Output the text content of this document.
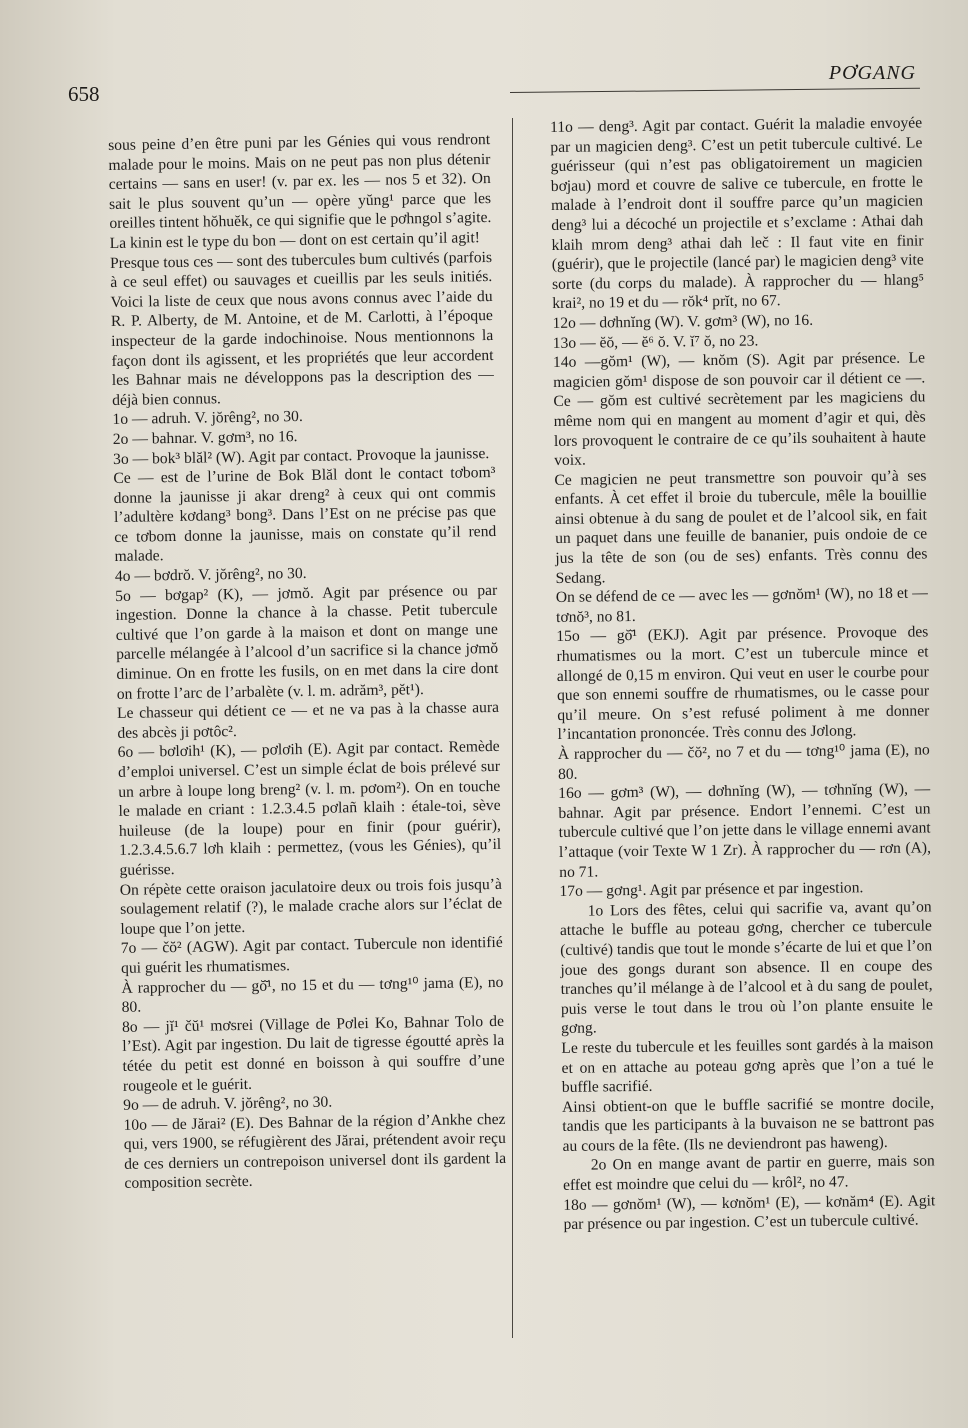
658
PƠGANG

sous peine d’en être puni par les Génies qui vous rendront malade pour le moins. Mais on ne peut pas non plus détenir certains — sans en user! (v. par ex. les — nos 5 et 32). On sait le plus souvent qu’un — opère yŭng¹ parce que les oreilles tintent hŏhuĕk, ce qui signifie que le pơhngol s’agite. La kinin est le type du bon — dont on est certain qu’il agit!

Presque tous ces — sont des tubercules bum cultivés (parfois à ce seul effet) ou sauvages et cueillis par les seuls initiés. Voici la liste de ceux que nous avons connus avec l’aide du R. P. Alberty, de M. Antoine, et de M. Carlotti, à l’époque inspecteur de la garde indochinoise. Nous mentionnons la façon dont ils agissent, et les propriétés que leur accordent les Bahnar mais ne développons pas la description des — déjà bien connus.

1o — adruh. V. jŏrêng², no 30.

2o — bahnar. V. gơm³, no 16.

3o — bok³ blăl² (W). Agit par contact. Provoque la jaunisse.

Ce — est de l’urine de Bok Blăl dont le contact tơbom³ donne la jaunisse ji akar dreng² à ceux qui ont commis l’adultère kơdang³ bong³. Dans l’Est on ne précise pas que ce tơbom donne la jaunisse, mais on constate qu’il rend malade.

4o — bơdrŏ. V. jŏrêng², no 30.

5o — bơgap² (K), — jơmŏ. Agit par présence ou par ingestion. Donne la chance à la chasse. Petit tubercule cultivé que l’on garde à la maison et dont on mange une parcelle mélangée à l’alcool d’un sacrifice si la chance jơmŏ diminue. On en frotte les fusils, on en met dans la cire dont on frotte l’arc de l’arbalète (v. l. m. adrăm³, pĕt¹).

Le chasseur qui détient ce — et ne va pas à la chasse aura des abcès ji pơtôc².

6o — bơlơih¹ (K), — pơlơih (E). Agit par contact. Remède d’emploi universel. C’est un simple éclat de bois prélevé sur un arbre à loupe long breng² (v. l. m. pơom²). On en touche le malade en criant : 1.2.3.4.5 pơlañ klaih : étale-toi, sève huileuse (de la loupe) pour en finir (pour guérir), 1.2.3.4.5.6.7 lơh klaih : permettez, (vous les Génies), qu’il guérisse.

On répète cette oraison jaculatoire deux ou trois fois jusqu’à soulagement relatif (?), le malade crache alors sur l’éclat de loupe que l’on jette.

7o — čŏ² (AGW). Agit par contact. Tubercule non identifié qui guérit les rhumatismes.

À rapprocher du — gŏ̆¹, no 15 et du — tơng¹⁰ jama (E), no 80.

8o — jĭ¹ čŭ¹ mơsrei (Village de Pơlei Ko, Bahnar Tolo de l’Est). Agit par ingestion. Du lait de tigresse égoutté après la tétée du petit est donné en boisson à qui souffre d’une rougeole et le guérit.

9o — de adruh. V. jŏrêng², no 30.

10o — de Jărai² (E). Des Bahnar de la région d’Ankhe chez qui, vers 1900, se réfugièrent des Jărai, prétendent avoir reçu de ces derniers un contrepoison universel dont ils gardent la composition secrète.

11o — deng³. Agit par contact. Guérit la maladie envoyée par un magicien deng³. C’est un petit tubercule cultivé. Le guérisseur (qui n’est pas obligatoirement un magicien bơjau) mord et couvre de salive ce tubercule, en frotte le malade à l’endroit dont il souffre parce qu’un magicien deng³ lui a décoché un projectile et s’exclame : Athai dah klaih mrom deng³ athai dah leč : Il faut vite en finir (guérir), que le projectile (lancé par) le magicien deng³ vite sorte (du corps du malade). À rapprocher du — hlang⁵ krai², no 19 et du — rŏk⁴ prĭt, no 67.

12o — dơhnĭng (W). V. gơm³ (W), no 16.

13o — ĕŏ, — ĕ⁶ ŏ. V. ĭ⁷ ŏ, no 23.

14o —gŏm¹ (W), — knŏm (S). Agit par présence. Le magicien gŏm¹ dispose de son pouvoir car il détient ce —. Ce — gŏm est cultivé secrètement par les magiciens du même nom qui en mangent au moment d’agir et qui, dès lors provoquent le contraire de ce qu’ils souhaitent à haute voix.

Ce magicien ne peut transmettre son pouvoir qu’à ses enfants. À cet effet il broie du tubercule, mêle la bouillie ainsi obtenue à du sang de poulet et de l’alcool sik, en fait un paquet dans une feuille de bananier, puis ondoie de ce jus la tête de son (ou de ses) enfants. Très connu des Sedang.

On se défend de ce — avec les — gơnŏm¹ (W), no 18 et — tơnŏ³, no 81.

15o — gŏ̆¹ (EKJ). Agit par présence. Provoque des rhumatismes ou la mort. C’est un tubercule mince et allongé de 0,15 m environ. Qui veut en user le courbe pour que son ennemi souffre de rhumatismes, ou le casse pour qu’il meure. On s’est refusé poliment à me donner l’incantation prononcée. Très connu des Jơlong.

À rapprocher du — čŏ², no 7 et du — tơng¹⁰ jama (E), no 80.

16o — gơm³ (W), — dơhnĭng (W), — tơhnĭng (W), — bahnar. Agit par présence. Endort l’ennemi. C’est un tubercule cultivé que l’on jette dans le village ennemi avant l’attaque (voir Texte W 1 Zr). À rapprocher du — rơn (A), no 71.

17o — gơng¹. Agit par présence et par ingestion.

1o Lors des fêtes, celui qui sacrifie va, avant qu’on attache le buffle au poteau gơng, chercher ce tubercule (cultivé) tandis que tout le monde s’écarte de lui et que l’on joue des gongs durant son absence. Il en coupe des tranches qu’il mélange à de l’alcool et à du sang de poulet, puis verse le tout dans le trou où l’on plante ensuite le gơng.

Le reste du tubercule et les feuilles sont gardés à la maison et on en attache au poteau gơng après que l’on a tué le buffle sacrifié.

Ainsi obtient-on que le buffle sacrifié se montre docile, tandis que les participants à la buvaison ne se battront pas au cours de la fête. (Ils ne deviendront pas haweng).

2o On en mange avant de partir en guerre, mais son effet est moindre que celui du — krôl², no 47.

18o — gơnŏm¹ (W), — kơnŏm¹ (E), — kơnăm⁴ (E). Agit par présence ou par ingestion. C’est un tubercule cultivé.
